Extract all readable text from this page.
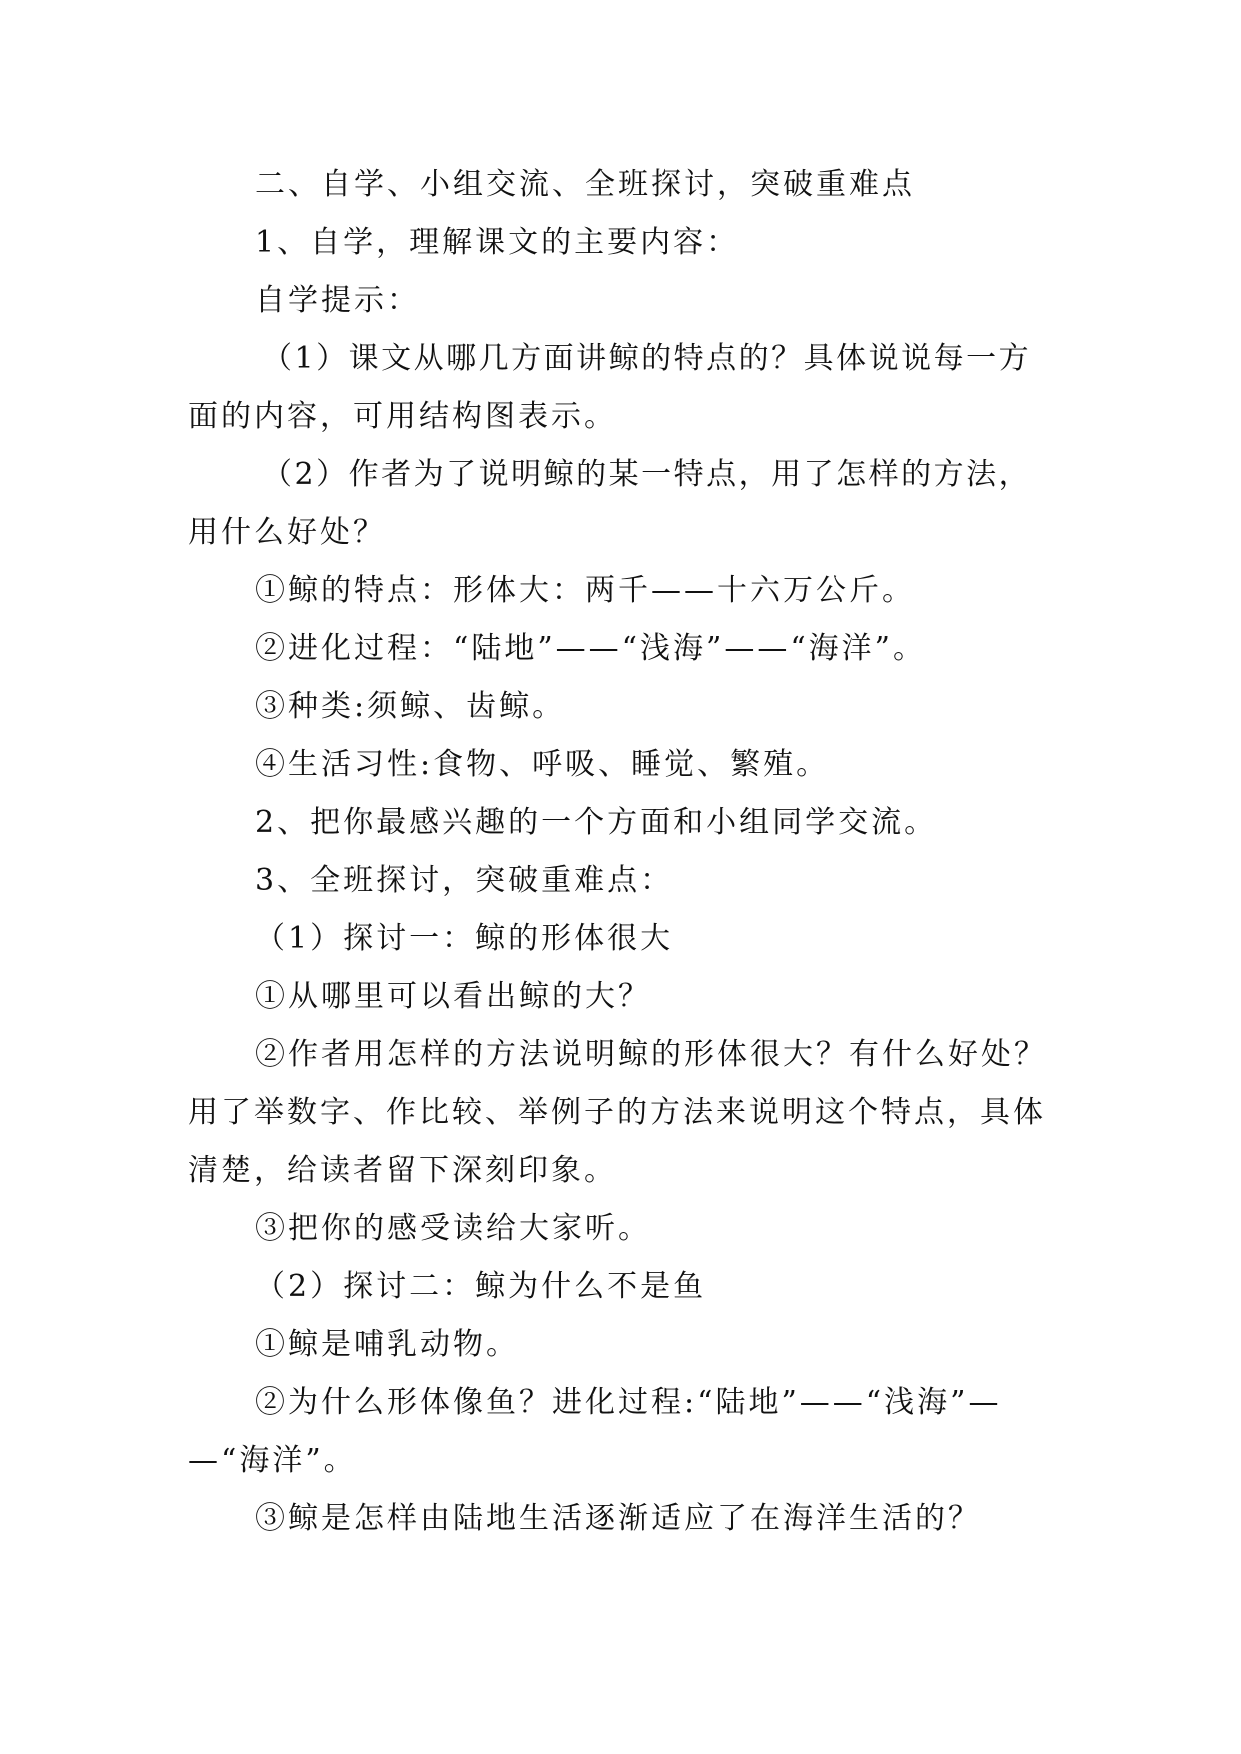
二、自学、小组交流、全班探讨，突破重难点
1、自学，理解课文的主要内容：
自学提示：
（1）课文从哪几方面讲鲸的特点的？具体说说每一方
面的内容，可用结构图表示。
（2）作者为了说明鲸的某一特点，用了怎样的方法，
用什么好处？
①鲸的特点：形体大：两千——十六万公斤。
②进化过程：“陆地”——“浅海”——“海洋”。
③种类:须鲸、齿鲸。
④生活习性:食物、呼吸、睡觉、繁殖。
2、把你最感兴趣的一个方面和小组同学交流。
3、全班探讨，突破重难点：
（1）探讨一：鲸的形体很大
①从哪里可以看出鲸的大？
②作者用怎样的方法说明鲸的形体很大？有什么好处？
用了举数字、作比较、举例子的方法来说明这个特点，具体
清楚，给读者留下深刻印象。
③把你的感受读给大家听。
（2）探讨二：鲸为什么不是鱼
①鲸是哺乳动物。
②为什么形体像鱼？进化过程:“陆地”——“浅海”—
—“海洋”。
③鲸是怎样由陆地生活逐渐适应了在海洋生活的？
